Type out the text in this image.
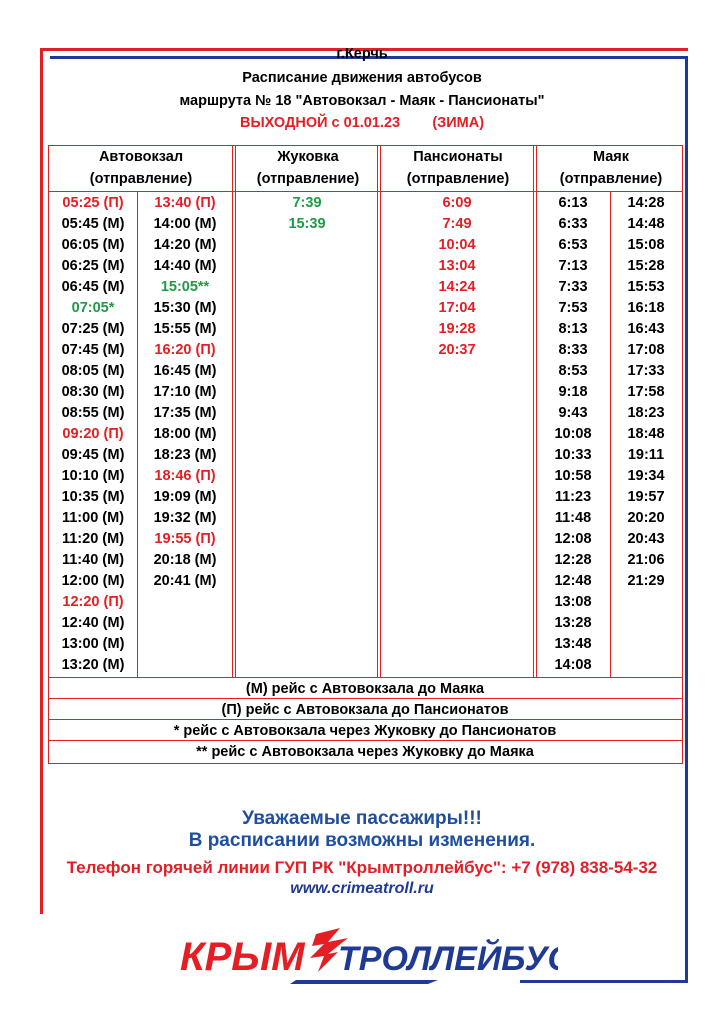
г.Керчь
Расписание движения автобусов
маршрута № 18 "Автовокзал - Маяк - Пансионаты"
ВЫХОДНОЙ с 01.01.23        (ЗИМА)
05:25 (П)
05:45 (М)
06:05 (М)
06:25 (М)
06:45 (М)
07:05*
07:25 (М)
07:45 (М)
08:05 (М)
08:30 (М)
08:55 (М)
09:20 (П)
09:45 (М)
10:10 (М)
10:35 (М)
11:00 (М)
11:20 (М)
11:40 (М)
12:00 (М)
12:20 (П)
12:40 (М)
13:00 (М)
13:20 (М)
13:40 (П)
14:00 (М)
14:20 (М)
14:40 (М)
15:05**
15:30 (М)
15:55 (М)
16:20 (П)
16:45 (М)
17:10 (М)
17:35 (М)
18:00 (М)
18:23 (М)
18:46 (П)
19:09 (М)
19:32 (М)
19:55 (П)
20:18 (М)
20:41 (М)
7:39
15:39
6:09
7:49
10:04
13:04
14:24
17:04
19:28
20:37
6:13
6:33
6:53
7:13
7:33
7:53
8:13
8:33
8:53
9:18
9:43
10:08
10:33
10:58
11:23
11:48
12:08
12:28
12:48
13:08
13:28
13:48
14:08
14:28
14:48
15:08
15:28
15:53
16:18
16:43
17:08
17:33
17:58
18:23
18:48
19:11
19:34
19:57
20:20
20:43
21:06
21:29
Автовокзал
(отправление)
Жуковка
(отправление)
Пансионаты
(отправление)
Маяк
(отправление)
(М) рейс с Автовокзала до Маяка
(П) рейс с Автовокзала до Пансионатов
* рейс с Автовокзала через Жуковку до Пансионатов
** рейс с Автовокзала через Жуковку до Маяка
Уважаемые пассажиры!!!
В расписании возможны изменения.
Телефон горячей линии ГУП РК "Крымтроллейбус": +7 (978) 838-54-32
www.crimeatroll.ru
КРЫМ ТРОЛЛЕЙБУС
